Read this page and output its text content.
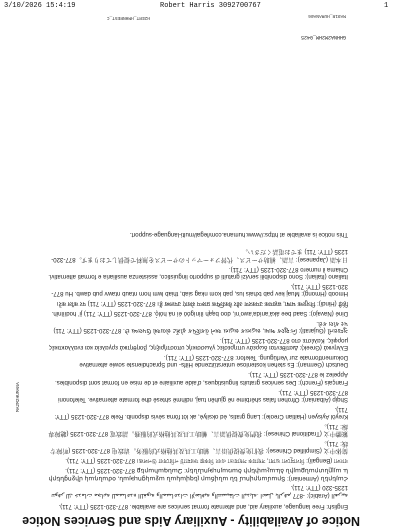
3/10/2026 15:4:19	Robert Harris 3092700767	1
Notice of Availability - Auxiliary Aids and Services Notice

English: Free language, auxiliary aid, and alternate format services are available. 877-320-1235 (TTY: 711).

العربية (Arabic): تتوفر لك خدمات مجانية للمساعدة اللغوية والمساعدات الإضافية والتنسيقات البديلة. اتصل بالرقم 877-320-1235 (TTY: 711).

Հայերեն (Armenian): Տրամադրվում են անվճար լեզվական աջակցության, օժանդակ միջոցների և այլընտրանքային ձևաչափերի ծառայություններ: Զանգահարեք 877-320-1235 (TTY: 711).

বাংলা (Bengali): বিনামূল্যে ভাষা, সহায়ক সহায়তা এবং বিকল্প ফরম্যাট পরিষেবা উপলব্ধ। 877-320-1235 (TTY: 711).

简体中文 (Simplified Chinese): 我们免费提供语言、辅助工具及其他格式的服务。请致电 877-320-1235 (听障专线: 711)。

繁體中文 (Traditional Chinese): 我們免費提供語言、輔助工具及其他格式的服務。請致電 877-320-1235 (聽障專線: 711)。

Kreyòl Ayisyen (Haitian Creole): Lang gratis, èd oksilyè, ak lòt fòma sèvis disponib. Rele 877-320-1235 (TTY: 711).

Shqip (Albanian): Ofrohen falas shërbime në gjuhën tuaj, ndihmë shtesë dhe formate alternative. Telefononi 877-320-1235 (TTY: 711).

Français (French): Des services gratuits linguistiques, d’aide auxiliaire et de mise en format sont disponibles. Appelez le 877-320-1235 (TTY: 711).

Deutsch (German): Es stehen kostenlose unterstützende Hilfs- und Sprachdienste sowie alternative Dokumentformate zur Verfügung. Telefon: 877-320-1235 (TTY: 711).

Ελληνικά (Greek): Διατίθενται δωρεάν υπηρεσίες γλωσσικής υποστήριξης, βοηθητικά εργαλεία και εναλλακτικές μορφές. Καλέστε στο 877-320-1235 (TTY: 711).

ગુજરાતી (Gujarati): નિઃશુલ્ક ભાષા, સહાયક સહાય અને વૈકલ્પિક ફોર્મેટ સેવાઓ ઉપલબ્ધ છે. 877-320-1235 (TTY: 711) પર કૉલ કરો.

Diné (Navajo): Saad bee áká’anída’awo’ní, doo bąąh ílínígóó éí ná hólǫ́. 877-320-1235 (TTY: 711) jiʼ hodíílnih.

हिंदी (Hindi): निःशुल्क भाषा, सहायक उपकरण और वैकल्पिक प्रारूप सेवाएं उपलब्ध हैं। 877-320-1235 (TTY: 711) पर कॉल करें।

Hmoob (Hmong): Muaj kev pab txhais lus, pab kom nkag siab, thiab lwm hom ntaub ntawv pub dawb. Hu 877-320-1235 (TTY: 711).

Italiano (Italian): Sono disponibili servizi gratuiti di supporto linguistico, assistenza ausiliaria e formati alternativi. Chiama il numero 877-320-1235 (TTY: 711).

日本語 (Japanese): 言語、補助サービス、代替フォーマットのサービスを無料で提供しております。877-320-1235 (TTY: 711) までお電話ください。

This notice is available at https://www.humana.com/legal/multi-language-support.

GHHNA2M2HM_0425
MA91R_HUMANA06
H2ERT_HMHNRE5T_C
MA2M2HUMANA
